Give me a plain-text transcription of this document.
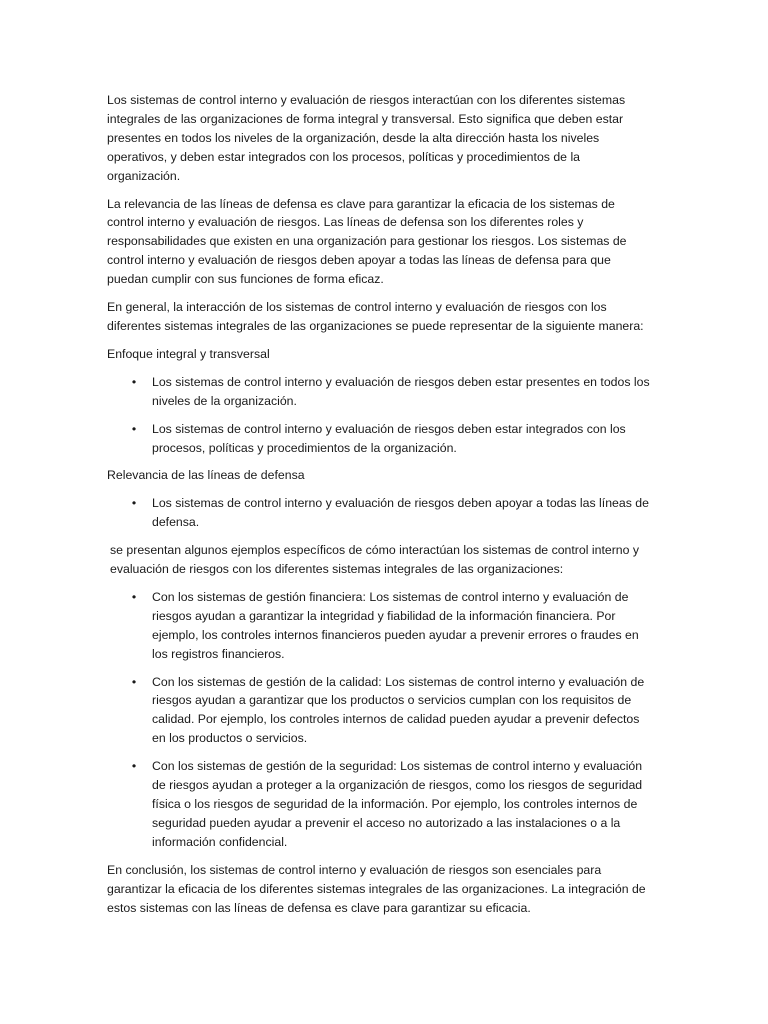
Los sistemas de control interno y evaluación de riesgos interactúan con los diferentes sistemas integrales de las organizaciones de forma integral y transversal. Esto significa que deben estar presentes en todos los niveles de la organización, desde la alta dirección hasta los niveles operativos, y deben estar integrados con los procesos, políticas y procedimientos de la organización.

La relevancia de las líneas de defensa es clave para garantizar la eficacia de los sistemas de control interno y evaluación de riesgos. Las líneas de defensa son los diferentes roles y responsabilidades que existen en una organización para gestionar los riesgos. Los sistemas de control interno y evaluación de riesgos deben apoyar a todas las líneas de defensa para que puedan cumplir con sus funciones de forma eficaz.

En general, la interacción de los sistemas de control interno y evaluación de riesgos con los diferentes sistemas integrales de las organizaciones se puede representar de la siguiente manera:

Enfoque integral y transversal

• Los sistemas de control interno y evaluación de riesgos deben estar presentes en todos los niveles de la organización.
• Los sistemas de control interno y evaluación de riesgos deben estar integrados con los procesos, políticas y procedimientos de la organización.

Relevancia de las líneas de defensa

• Los sistemas de control interno y evaluación de riesgos deben apoyar a todas las líneas de defensa.

se presentan algunos ejemplos específicos de cómo interactúan los sistemas de control interno y evaluación de riesgos con los diferentes sistemas integrales de las organizaciones:

• Con los sistemas de gestión financiera: Los sistemas de control interno y evaluación de riesgos ayudan a garantizar la integridad y fiabilidad de la información financiera. Por ejemplo, los controles internos financieros pueden ayudar a prevenir errores o fraudes en los registros financieros.
• Con los sistemas de gestión de la calidad: Los sistemas de control interno y evaluación de riesgos ayudan a garantizar que los productos o servicios cumplan con los requisitos de calidad. Por ejemplo, los controles internos de calidad pueden ayudar a prevenir defectos en los productos o servicios.
• Con los sistemas de gestión de la seguridad: Los sistemas de control interno y evaluación de riesgos ayudan a proteger a la organización de riesgos, como los riesgos de seguridad física o los riesgos de seguridad de la información. Por ejemplo, los controles internos de seguridad pueden ayudar a prevenir el acceso no autorizado a las instalaciones o a la información confidencial.

En conclusión, los sistemas de control interno y evaluación de riesgos son esenciales para garantizar la eficacia de los diferentes sistemas integrales de las organizaciones. La integración de estos sistemas con las líneas de defensa es clave para garantizar su eficacia.
